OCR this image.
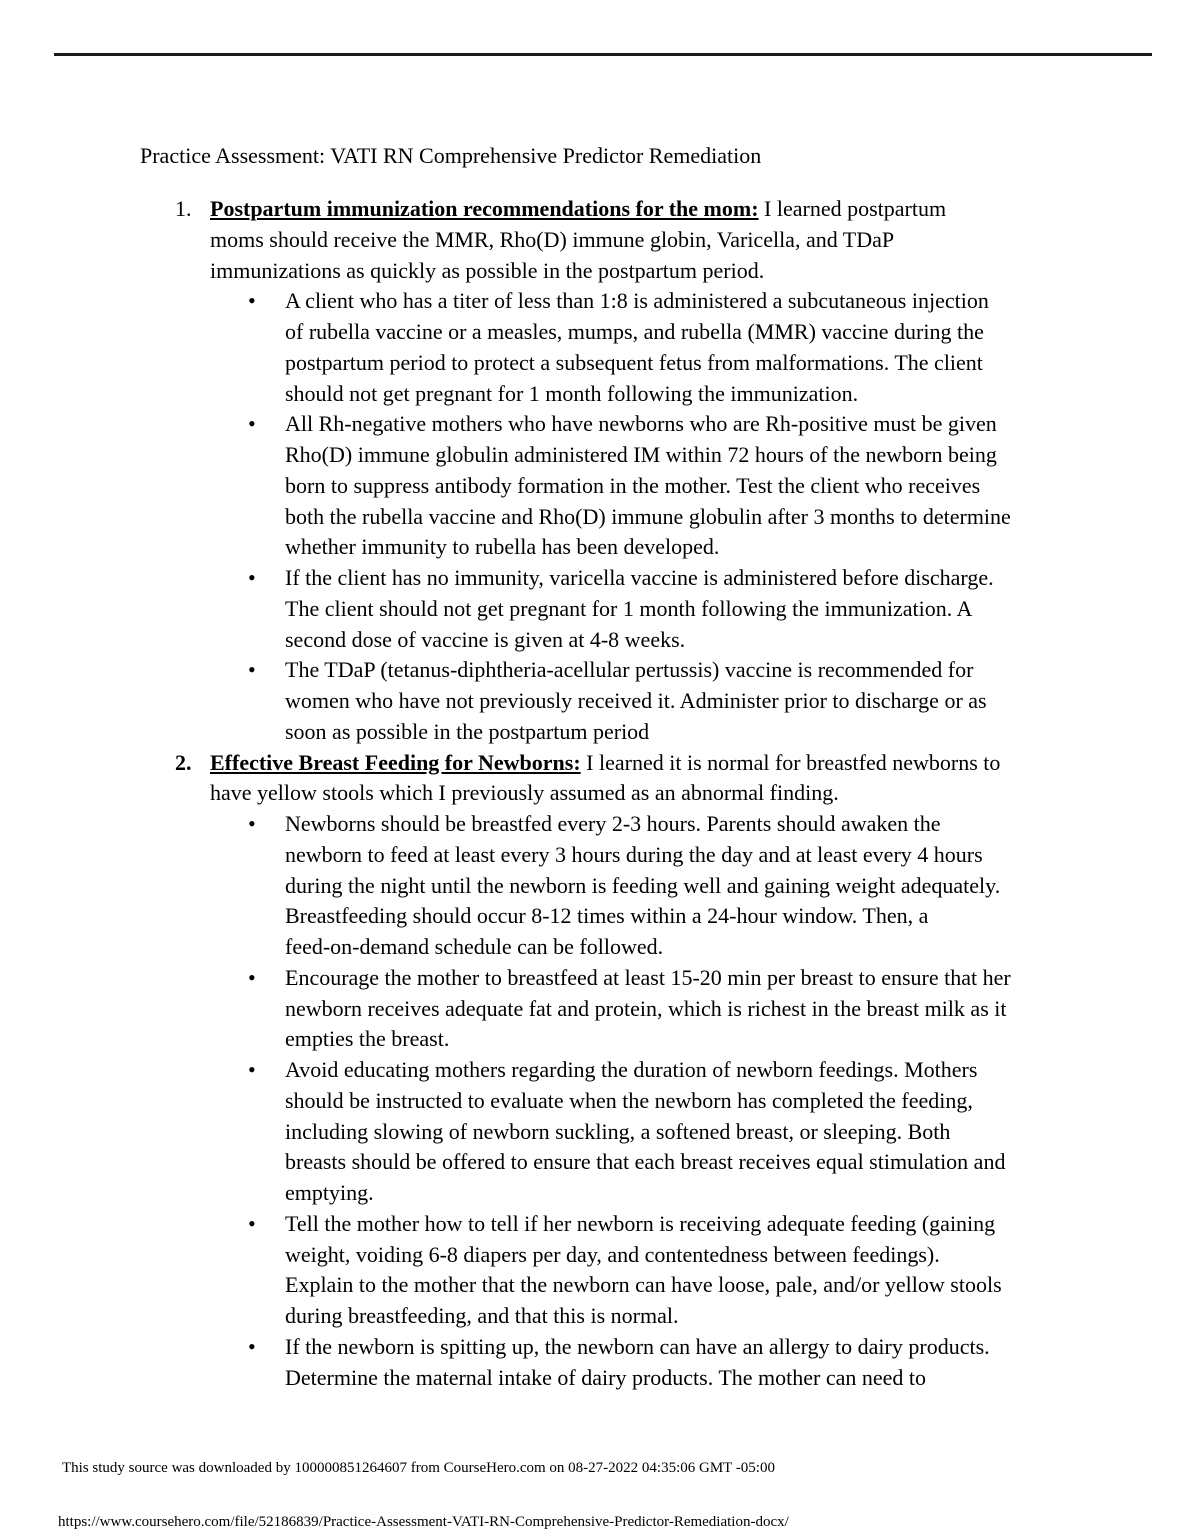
Practice Assessment: VATI RN Comprehensive Predictor Remediation
1. Postpartum immunization recommendations for the mom: I learned postpartum
moms should receive the MMR, Rho(D) immune globin, Varicella, and TDaP
immunizations as quickly as possible in the postpartum period.
• A client who has a titer of less than 1:8 is administered a subcutaneous injection
of rubella vaccine or a measles, mumps, and rubella (MMR) vaccine during the
postpartum period to protect a subsequent fetus from malformations. The client
should not get pregnant for 1 month following the immunization.
• All Rh-negative mothers who have newborns who are Rh-positive must be given
Rho(D) immune globulin administered IM within 72 hours of the newborn being
born to suppress antibody formation in the mother. Test the client who receives
both the rubella vaccine and Rho(D) immune globulin after 3 months to determine
whether immunity to rubella has been developed.
• If the client has no immunity, varicella vaccine is administered before discharge.
The client should not get pregnant for 1 month following the immunization. A
second dose of vaccine is given at 4-8 weeks.
• The TDaP (tetanus-diphtheria-acellular pertussis) vaccine is recommended for
women who have not previously received it. Administer prior to discharge or as
soon as possible in the postpartum period
2. Effective Breast Feeding for Newborns: I learned it is normal for breastfed newborns to
have yellow stools which I previously assumed as an abnormal finding.
• Newborns should be breastfed every 2-3 hours. Parents should awaken the
newborn to feed at least every 3 hours during the day and at least every 4 hours
during the night until the newborn is feeding well and gaining weight adequately.
Breastfeeding should occur 8-12 times within a 24-hour window. Then, a
feed-on-demand schedule can be followed.
• Encourage the mother to breastfeed at least 15-20 min per breast to ensure that her
newborn receives adequate fat and protein, which is richest in the breast milk as it
empties the breast.
• Avoid educating mothers regarding the duration of newborn feedings. Mothers
should be instructed to evaluate when the newborn has completed the feeding,
including slowing of newborn suckling, a softened breast, or sleeping. Both
breasts should be offered to ensure that each breast receives equal stimulation and
emptying.
• Tell the mother how to tell if her newborn is receiving adequate feeding (gaining
weight, voiding 6-8 diapers per day, and contentedness between feedings).
Explain to the mother that the newborn can have loose, pale, and/or yellow stools
during breastfeeding, and that this is normal.
• If the newborn is spitting up, the newborn can have an allergy to dairy products.
Determine the maternal intake of dairy products. The mother can need to
This study source was downloaded by 100000851264607 from CourseHero.com on 08-27-2022 04:35:06 GMT -05:00
https://www.coursehero.com/file/52186839/Practice-Assessment-VATI-RN-Comprehensive-Predictor-Remediation-docx/
